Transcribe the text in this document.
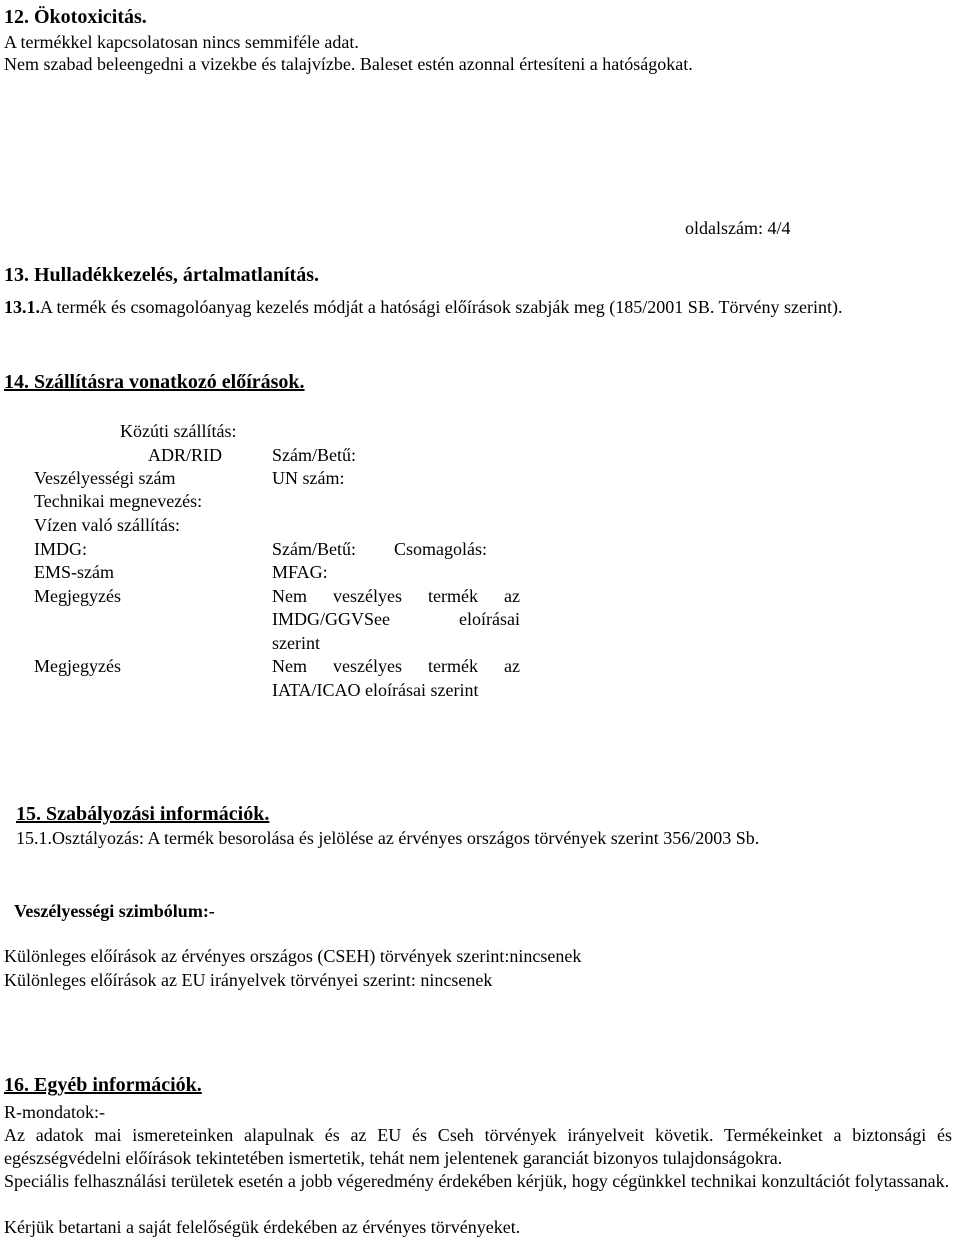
12. Ökotoxicitás.
A termékkel kapcsolatosan nincs semmiféle adat.
Nem szabad beleengedni a vizekbe és talajvízbe. Baleset estén azonnal értesíteni a hatóságokat.
oldalszám: 4/4
13. Hulladékkezelés, ártalmatlanítás.
13.1.A termék és csomagolóanyag kezelés módját a hatósági előírások szabják meg (185/2001 SB. Törvény szerint).
14. Szállításra vonatkozó előírások.
Közúti szállítás:
ADR/RID	Szám/Betű:
Veszélyességi szám	UN szám:
Technikai megnevezés:
Vízen való szállítás:
IMDG:	Szám/Betű: Csomagolás:
EMS-szám	MFAG:
Megjegyzés	Nem veszélyes termék az
IMDG/GGVSee eloírásai
szerint
Megjegyzés	Nem veszélyes termék az
IATA/ICAO eloírásai szerint
15. Szabályozási információk.
15.1.Osztályozás: A termék besorolása és jelölése az érvényes országos törvények szerint 356/2003 Sb.
Veszélyességi szimbólum:-
Különleges előírások az érvényes országos (CSEH) törvények szerint:nincsenek
Különleges előírások az EU irányelvek törvényei szerint: nincsenek
16. Egyéb információk.
R-mondatok:-
Az adatok mai ismereteinken alapulnak és az EU és Cseh törvények irányelveit követik. Termékeinket a biztonsági és egészségvédelni előírások tekintetében ismertetik, tehát nem jelentenek garanciát bizonyos tulajdonságokra.
Speciális felhasználási területek esetén a jobb végeredmény érdekében kérjük, hogy cégünkkel technikai konzultációt folytassanak.
Kérjük betartani a saját felelőségük érdekében az érvényes törvényeket.
